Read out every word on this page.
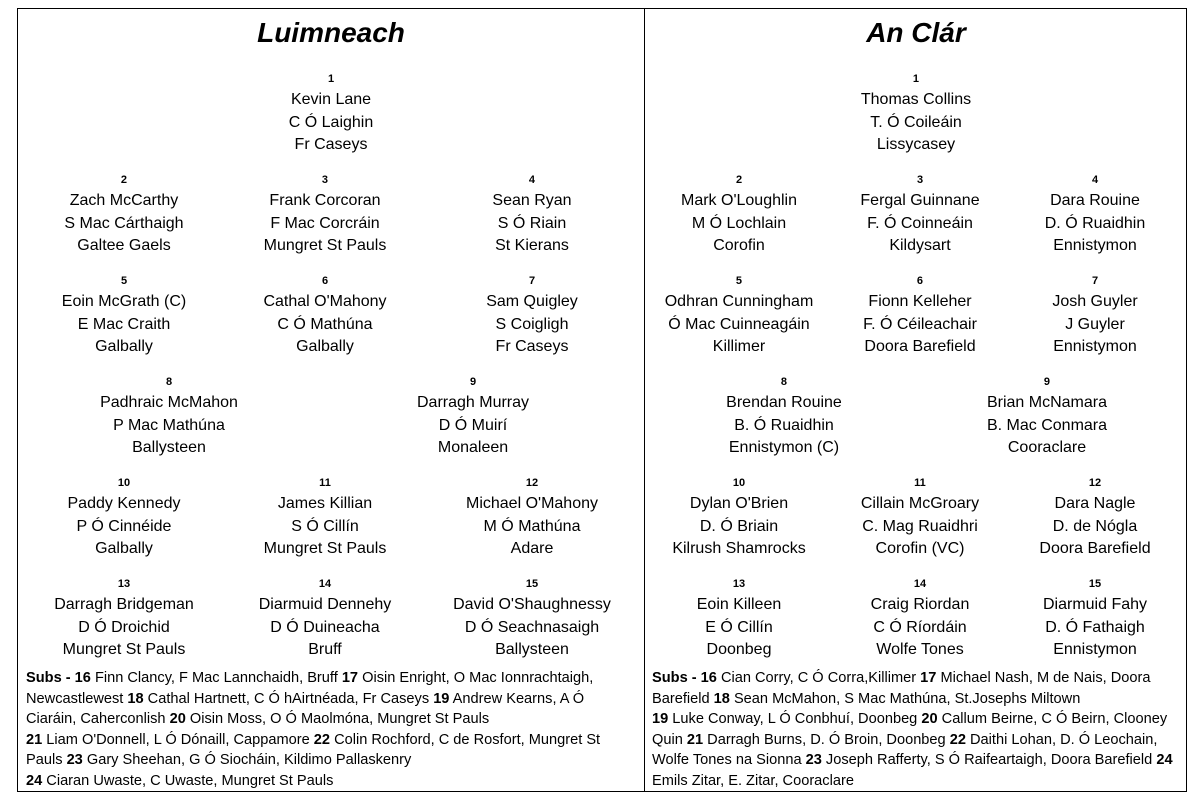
Luimneach
1
Kevin Lane
C Ó Laighin
Fr Caseys
2
Zach McCarthy
S Mac Cárthaigh
Galtee Gaels
3
Frank Corcoran
F Mac Corcráin
Mungret St Pauls
4
Sean Ryan
S Ó Riain
St Kierans
5
Eoin McGrath (C)
E Mac Craith
Galbally
6
Cathal O'Mahony
C Ó Mathúna
Galbally
7
Sam Quigley
S Coigligh
Fr Caseys
8
Padhraic McMahon
P Mac Mathúna
Ballysteen
9
Darragh Murray
D Ó Muirí
Monaleen
10
Paddy Kennedy
P Ó Cinnéide
Galbally
11
James Killian
S Ó Cillín
Mungret St Pauls
12
Michael O'Mahony
M Ó Mathúna
Adare
13
Darragh Bridgeman
D Ó Droichid
Mungret St Pauls
14
Diarmuid Dennehy
D Ó Duineacha
Bruff
15
David O'Shaughnessy
D Ó Seachnasaigh
Ballysteen
Subs - 16 Finn Clancy, F Mac Lannchaidh, Bruff 17 Oisin Enright, O Mac Ionnrachtaigh, Newcastlewest 18 Cathal Hartnett, C Ó hAirtnéada, Fr Caseys 19 Andrew Kearns, A Ó Ciaráin, Caherconlish 20 Oisin Moss, O Ó Maolmóna, Mungret St Pauls
21 Liam O'Donnell, L Ó Dónaill, Cappamore 22 Colin Rochford, C de Rosfort, Mungret St Pauls 23 Gary Sheehan, G Ó Siocháin, Kildimo Pallaskenry
24 Ciaran Uwaste, C Uwaste, Mungret St Pauls
An Clár
1
Thomas Collins
T. Ó Coileáin
Lissycasey
2
Mark O'Loughlin
M Ó Lochlain
Corofin
3
Fergal Guinnane
F. Ó Coinneáin
Kildysart
4
Dara Rouine
D. Ó Ruaidhin
Ennistymon
5
Odhran Cunningham
Ó Mac Cuinneagáin
Killimer
6
Fionn Kelleher
F. Ó Céileachair
Doora Barefield
7
Josh Guyler
J Guyler
Ennistymon
8
Brendan Rouine
B. Ó Ruaidhin
Ennistymon (C)
9
Brian McNamara
B. Mac Conmara
Cooraclare
10
Dylan O'Brien
D. Ó Briain
Kilrush Shamrocks
11
Cillain McGroary
C. Mag Ruaidhri
Corofin (VC)
12
Dara Nagle
D. de Nógla
Doora Barefield
13
Eoin Killeen
E Ó Cillín
Doonbeg
14
Craig Riordan
C Ó Ríordáin
Wolfe Tones
15
Diarmuid Fahy
D. Ó Fathaigh
Ennistymon
Subs - 16 Cian Corry, C Ó Corra,Killimer 17 Michael Nash, M de Nais, Doora Barefield 18 Sean McMahon, S Mac Mathúna, St.Josephs Miltown
19 Luke Conway, L Ó Conbhuí, Doonbeg 20 Callum Beirne, C Ó Beirn, Clooney Quin 21 Darragh Burns, D. Ó Broin, Doonbeg 22 Daithi Lohan, D. Ó Leochain, Wolfe Tones na Sionna 23 Joseph Rafferty, S Ó Raifeartaigh, Doora Barefield 24 Emils Zitar, E. Zitar, Cooraclare
